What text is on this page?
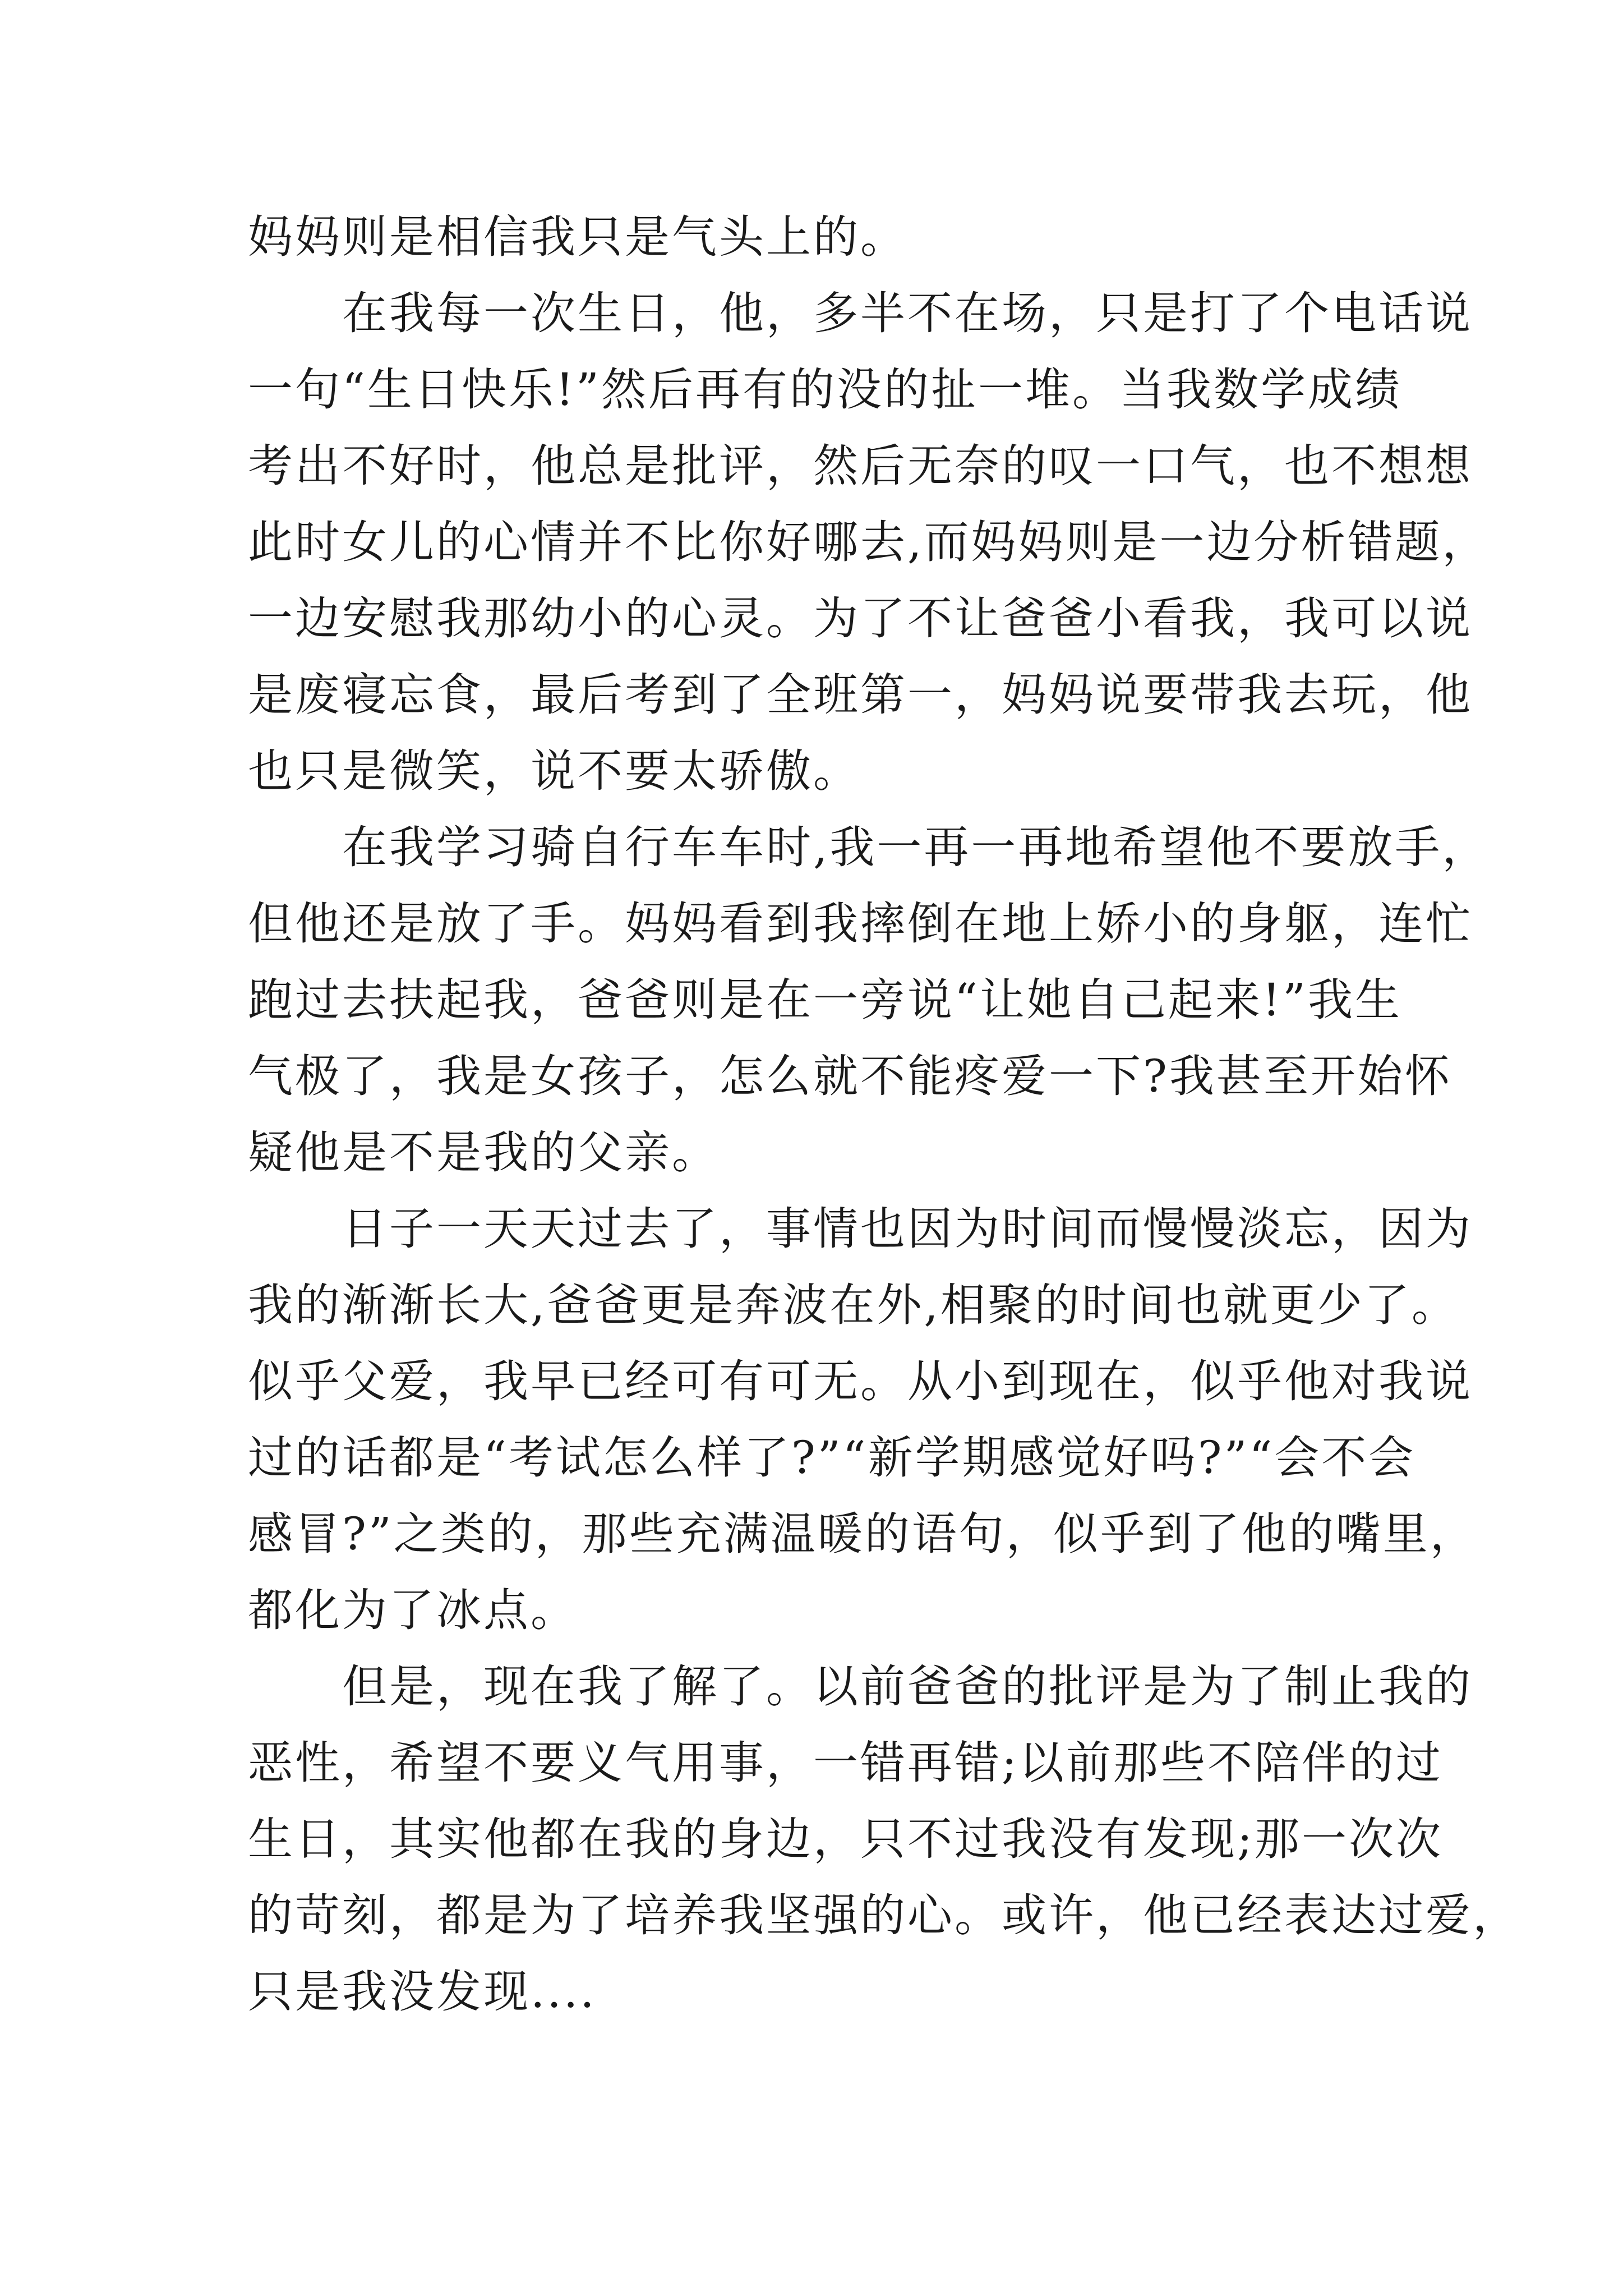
妈妈则是相信我只是气头上的。
在我每一次生日，他，多半不在场，只是打了个电话说
一句“生日快乐!”然后再有的没的扯一堆。当我数学成绩
考出不好时，他总是批评，然后无奈的叹一口气，也不想想
此时女儿的心情并不比你好哪去,而妈妈则是一边分析错题，
一边安慰我那幼小的心灵。为了不让爸爸小看我，我可以说
是废寝忘食，最后考到了全班第一，妈妈说要带我去玩，他
也只是微笑，说不要太骄傲。
在我学习骑自行车车时,我一再一再地希望他不要放手，
但他还是放了手。妈妈看到我摔倒在地上娇小的身躯，连忙
跑过去扶起我，爸爸则是在一旁说“让她自己起来!”我生
气极了，我是女孩子，怎么就不能疼爱一下?我甚至开始怀
疑他是不是我的父亲。
日子一天天过去了，事情也因为时间而慢慢淡忘，因为
我的渐渐长大,爸爸更是奔波在外,相聚的时间也就更少了。
似乎父爱，我早已经可有可无。从小到现在，似乎他对我说
过的话都是“考试怎么样了?”“新学期感觉好吗?”“会不会
感冒?”之类的，那些充满温暖的语句，似乎到了他的嘴里，
都化为了冰点。
但是，现在我了解了。以前爸爸的批评是为了制止我的
恶性，希望不要义气用事，一错再错;以前那些不陪伴的过
生日，其实他都在我的身边，只不过我没有发现;那一次次
的苛刻，都是为了培养我坚强的心。或许，他已经表达过爱，
只是我没发现....
